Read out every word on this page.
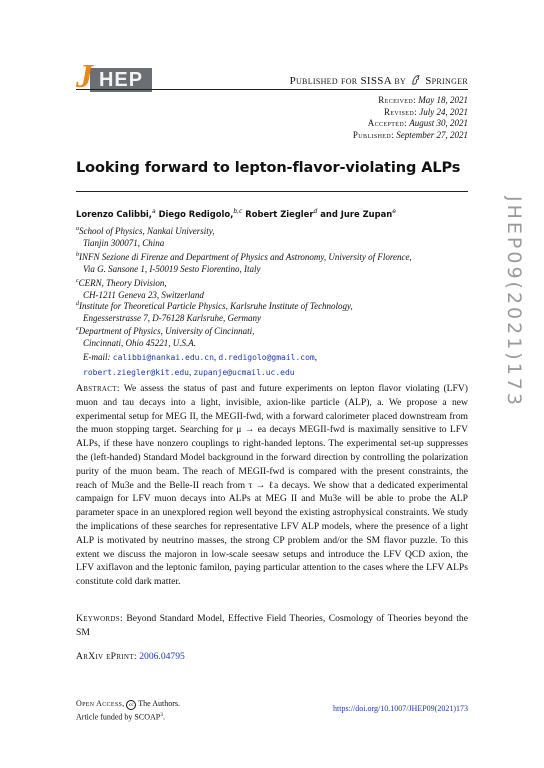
HEP
J	Published for SISSA by Springer
Received: May 18, 2021
Revised: July 24, 2021
Accepted: August 30, 2021
Published: September 27, 2021
Looking forward to lepton-flavor-violating ALPs
JHEP09(2021)173
Lorenzo Calibbi,$^a$ Diego Redigolo,$^{b,c}$ Robert Ziegler$^d$ and Jure Zupan$^e$
$^a$School of Physics, Nankai University,
Tianjin 300071, China
$^b$INFN Sezione di Firenze and Department of Physics and Astronomy, University of Florence,
Via G. Sansone 1, I-50019 Sesto Fiorentino, Italy
$^c$CERN, Theory Division,
CH-1211 Geneva 23, Switzerland
$^d$Institute for Theoretical Particle Physics, Karlsruhe Institute of Technology,
Engesserstrasse 7, D-76128 Karlsruhe, Germany
$^e$Department of Physics, University of Cincinnati,
Cincinnati, Ohio 45221, U.S.A.
E-mail: calibbi@nankai.edu.cn, d.redigolo@gmail.com,
robert.ziegler@kit.edu, zupanje@ucmail.uc.edu
Abstract: We assess the status of past and future experiments on lepton flavor violating (LFV) muon and tau decays into a light, invisible, axion-like particle (ALP), a. We propose a new experimental setup for MEG II, the MEGII-fwd, with a forward calorimeter placed downstream from the muon stopping target. Searching for μ → ea decays MEGII-fwd is maximally sensitive to LFV ALPs, if these have nonzero couplings to right-handed leptons. The experimental set-up suppresses the (left-handed) Standard Model background in the forward direction by controlling the polarization purity of the muon beam. The reach of MEGII-fwd is compared with the present constraints, the reach of Mu3e and the Belle-II reach from τ → ℓa decays. We show that a dedicated experimental campaign for LFV muon decays into ALPs at MEG II and Mu3e will be able to probe the ALP parameter space in an unexplored region well beyond the existing astrophysical constraints. We study the implications of these searches for representative LFV ALP models, where the presence of a light ALP is motivated by neutrino masses, the strong CP problem and/or the SM flavor puzzle. To this extent we discuss the majoron in low-scale seesaw setups and introduce the LFV QCD axion, the LFV axiflavon and the leptonic familon, paying particular attention to the cases where the LFV ALPs constitute cold dark matter.
Keywords: Beyond Standard Model, Effective Field Theories, Cosmology of Theories beyond the SM
ArXiv ePrint: 2006.04795
Open Access, cc The Authors.
Article funded by SCOAP$^3$.
https://doi.org/10.1007/JHEP09(2021)173
